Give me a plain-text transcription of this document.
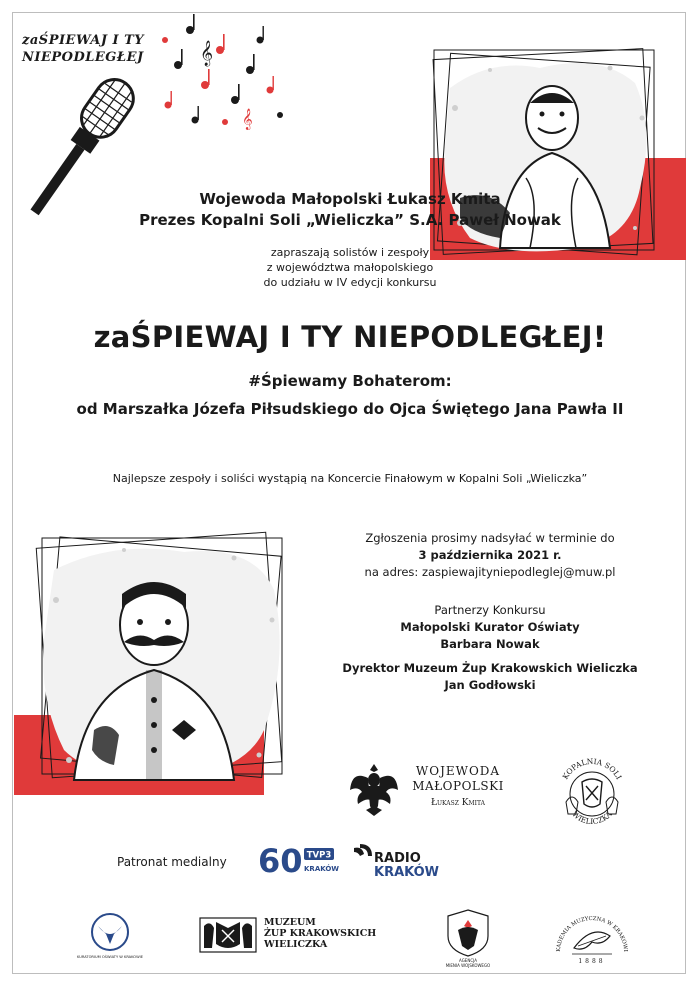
zaŚPIEWAJ I TY
NIEPODLEGŁEJ	𝄞
𝄞
Wojewoda Małopolski Łukasz Kmita
Prezes Kopalni Soli „Wieliczka” S.A. Paweł Nowak
zapraszają solistów i zespoły
z województwa małopolskiego
do udziału w IV edycji konkursu
zaŚPIEWAJ I TY NIEPODLEGŁEJ!
#Śpiewamy Bohaterom:
od Marszałka Józefa Piłsudskiego do Ojca Świętego Jana Pawła II
Najlepsze zespoły i soliści wystąpią na Koncercie Finałowym w Kopalni Soli „Wieliczka”
Zgłoszenia prosimy nadsyłać w terminie do
3 października 2021 r.
na adres: zaspiewajityniepodleglej@muw.pl
Partnerzy Konkursu
Małopolski Kurator Oświaty
Barbara Nowak
Dyrektor Muzeum Żup Krakowskich Wieliczka
Jan Godłowski
WOJEWODA
MAŁOPOLSKI
Łukasz Kmita
KOPALNIA SOLI
WIELICZKA
Patronat medialny 60 TVP3
KRAKÓW
RADIO
KRAKÓW
KURATORIUM OŚWIATY W KRAKOWIE
MUZEUM
ŻUP KRAKOWSKICH
WIELICZKA
AGENCJA
MIENIA WOJSKOWEGO
KADEMIA MUZYCZNA W KRAKOWI
1888
